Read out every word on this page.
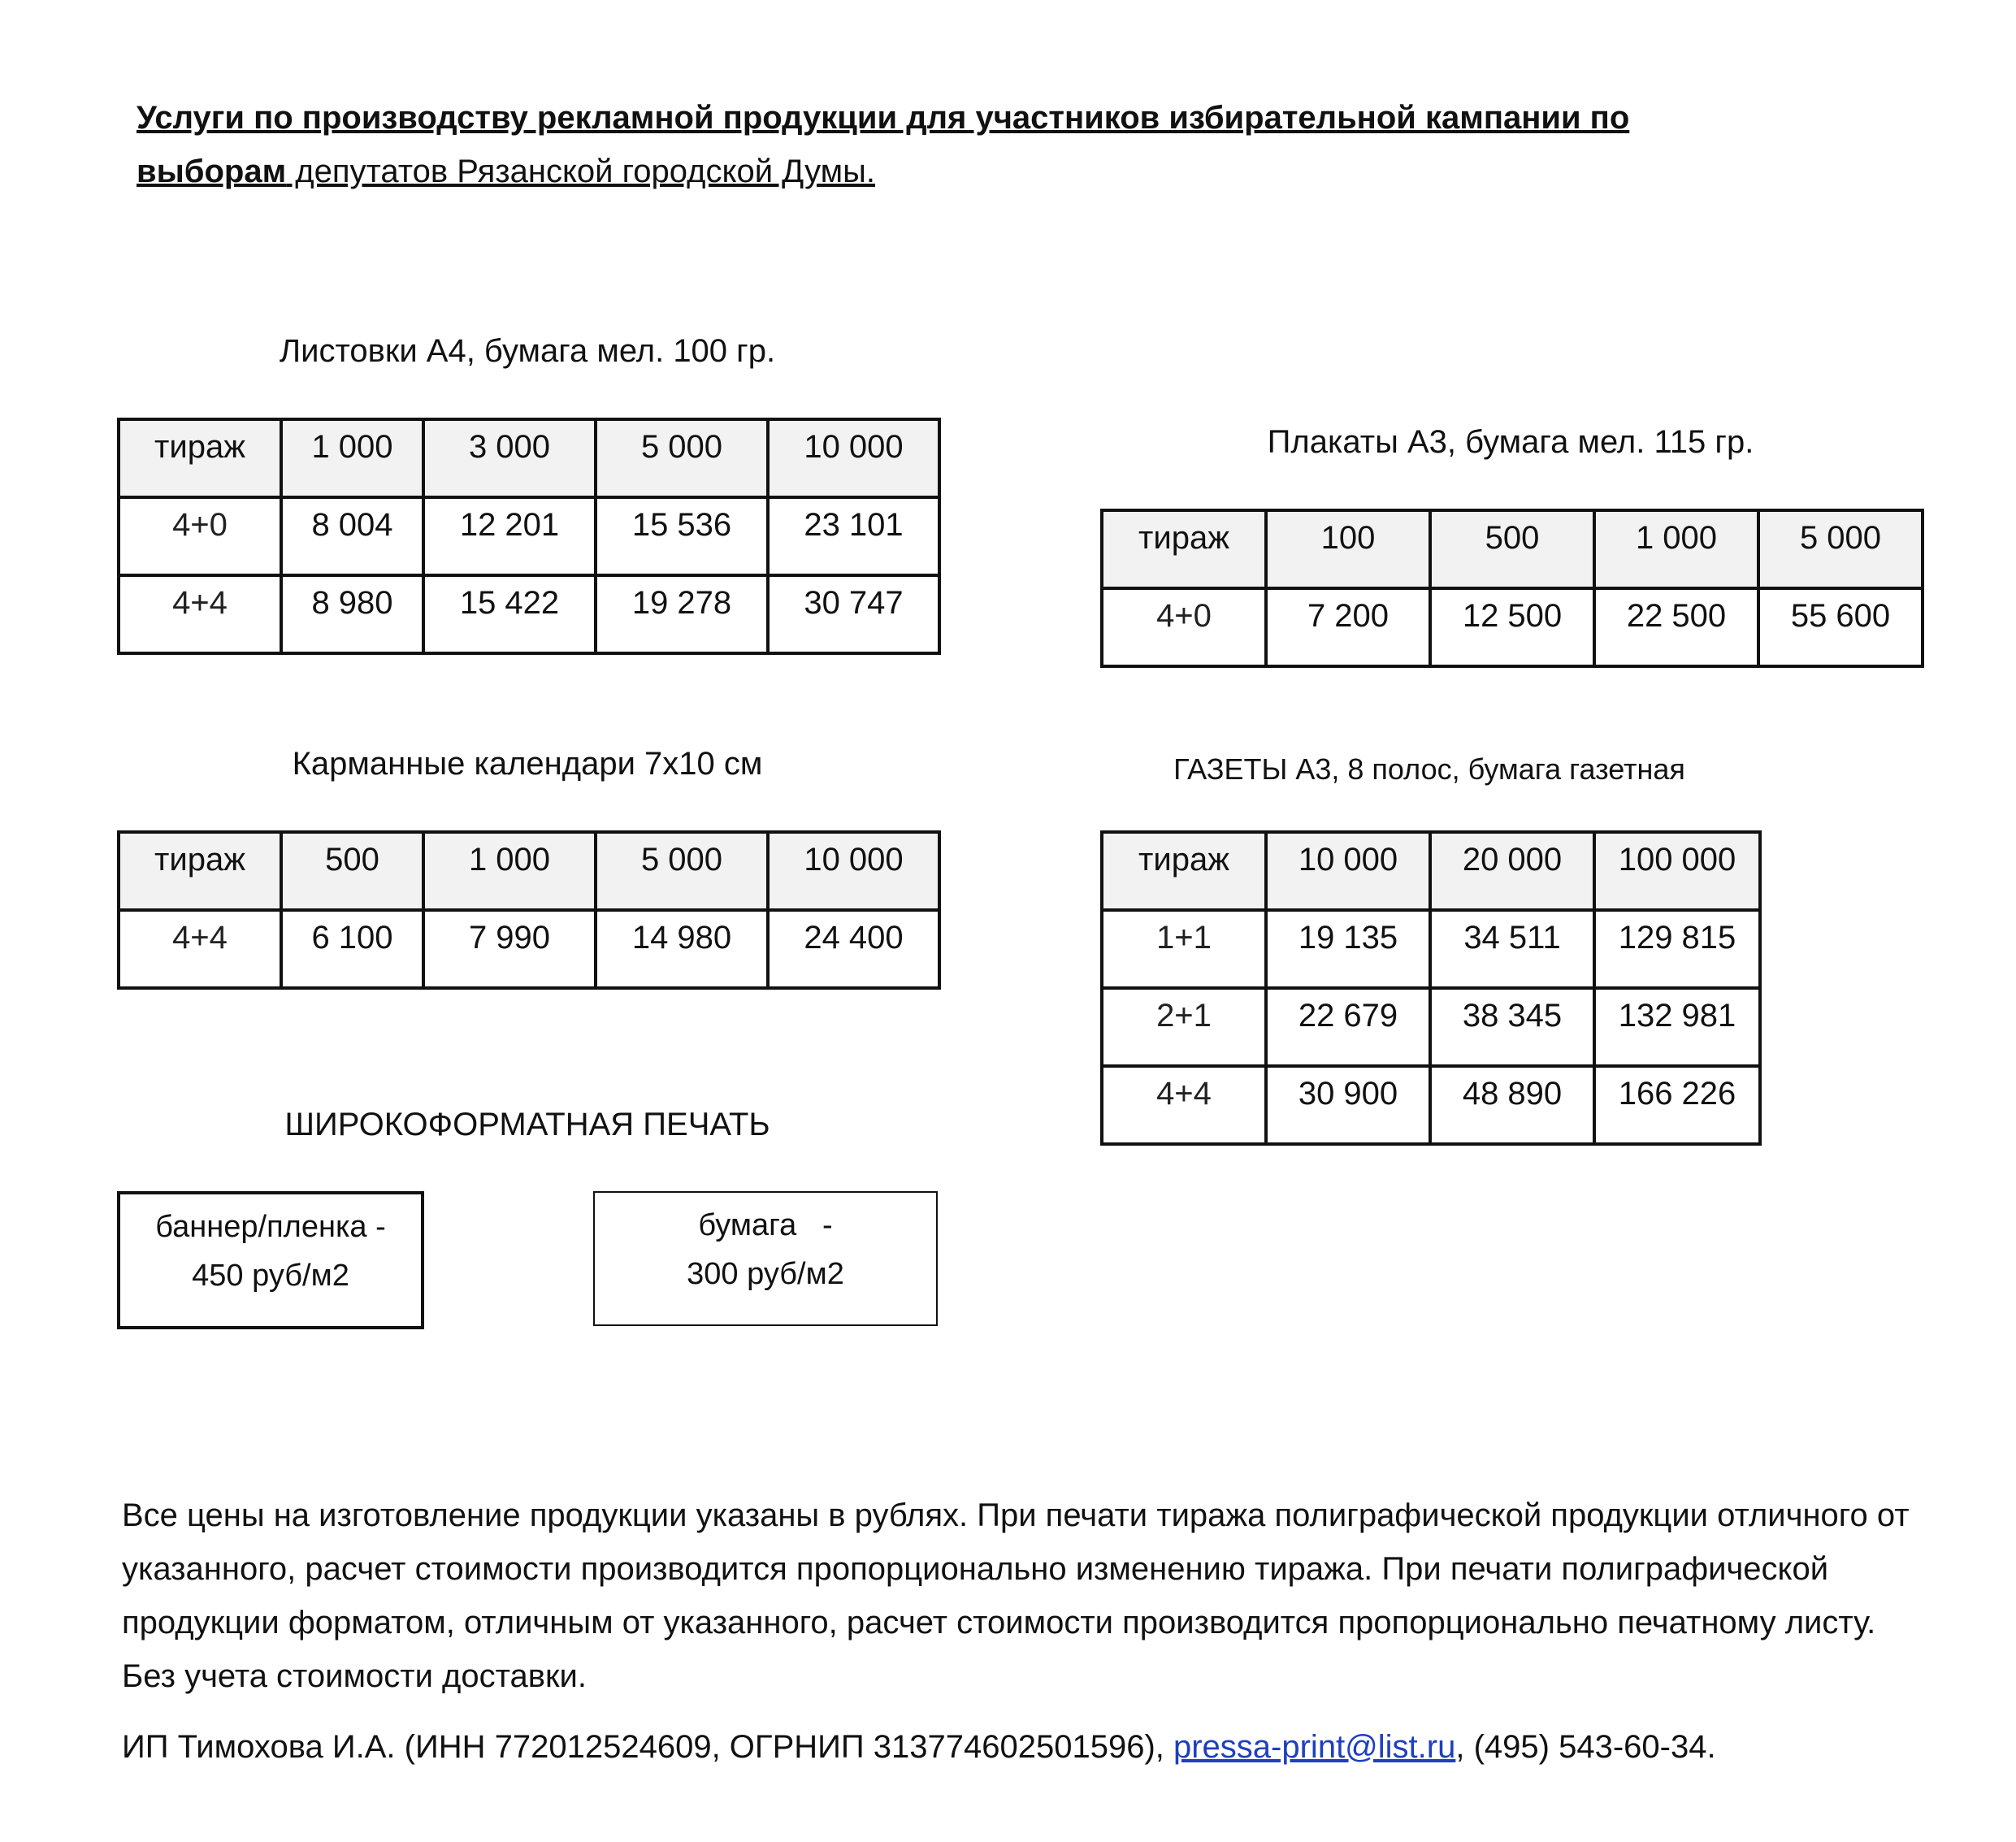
Услуги по производству рекламной продукции для участников избирательной кампании по
выборам депутатов Рязанской городской Думы.
Листовки А4, бумага мел. 100 гр.
тираж	1 000	3 000	5 000	10 000
4+0	8 004	12 201	15 536	23 101
4+4	8 980	15 422	19 278	30 747
Плакаты А3, бумага мел. 115 гр.
тираж	100	500	1 000	5 000
4+0	7 200	12 500	22 500	55 600
Карманные календари 7х10 см
тираж	500	1 000	5 000	10 000
4+4	6 100	7 990	14 980	24 400
ГАЗЕТЫ А3, 8 полос, бумага газетная
тираж	10 000	20 000	100 000
1+1	19 135	34 511	129 815
2+1	22 679	38 345	132 981
4+4	30 900	48 890	166 226
ШИРОКОФОРМАТНАЯ ПЕЧАТЬ
баннер/пленка -
450 руб/м2
бумага   -
300 руб/м2
Все цены на изготовление продукции указаны в рублях. При печати тиража полиграфической продукции отличного от указанного, расчет стоимости производится пропорционально изменению тиража. При печати полиграфической продукции форматом, отличным от указанного, расчет стоимости производится пропорционально печатному листу. Без учета стоимости доставки.
ИП Тимохова И.А. (ИНН 772012524609, ОГРНИП 313774602501596), pressa-print@list.ru, (495) 543-60-34.
